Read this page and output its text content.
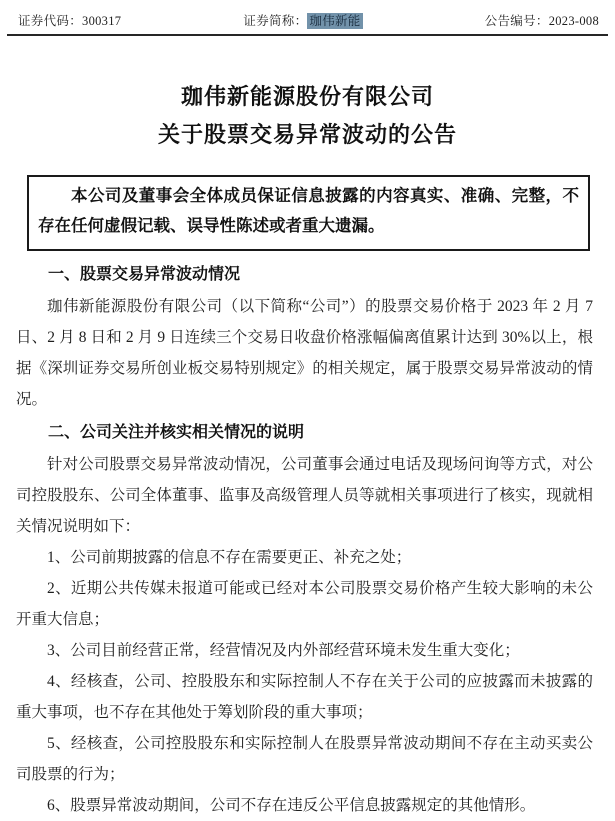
证券代码：300317	证券简称： 珈伟新能	公告编号：2023-008
珈伟新能源股份有限公司
关于股票交易异常波动的公告

本公司及董事会全体成员保证信息披露的内容真实、准确、完整，不存在任何虚假记载、误导性陈述或者重大遗漏。

一、股票交易异常波动情况

珈伟新能源股份有限公司（以下简称“公司”）的股票交易价格于 2023 年 2 月 7 日、2 月 8 日和 2 月 9 日连续三个交易日收盘价格涨幅偏离值累计达到 30%以上，根据《深圳证券交易所创业板交易特别规定》的相关规定，属于股票交易异常波动的情况。

二、公司关注并核实相关情况的说明

针对公司股票交易异常波动情况，公司董事会通过电话及现场问询等方式，对公司控股股东、公司全体董事、监事及高级管理人员等就相关事项进行了核实，现就相关情况说明如下：

1、公司前期披露的信息不存在需要更正、补充之处；

2、近期公共传媒未报道可能或已经对本公司股票交易价格产生较大影响的未公开重大信息；

3、公司目前经营正常，经营情况及内外部经营环境未发生重大变化；

4、经核查，公司、控股股东和实际控制人不存在关于公司的应披露而未披露的重大事项，也不存在其他处于筹划阶段的重大事项；

5、经核查，公司控股股东和实际控制人在股票异常波动期间不存在主动买卖公司股票的行为；

6、股票异常波动期间，公司不存在违反公平信息披露规定的其他情形。
